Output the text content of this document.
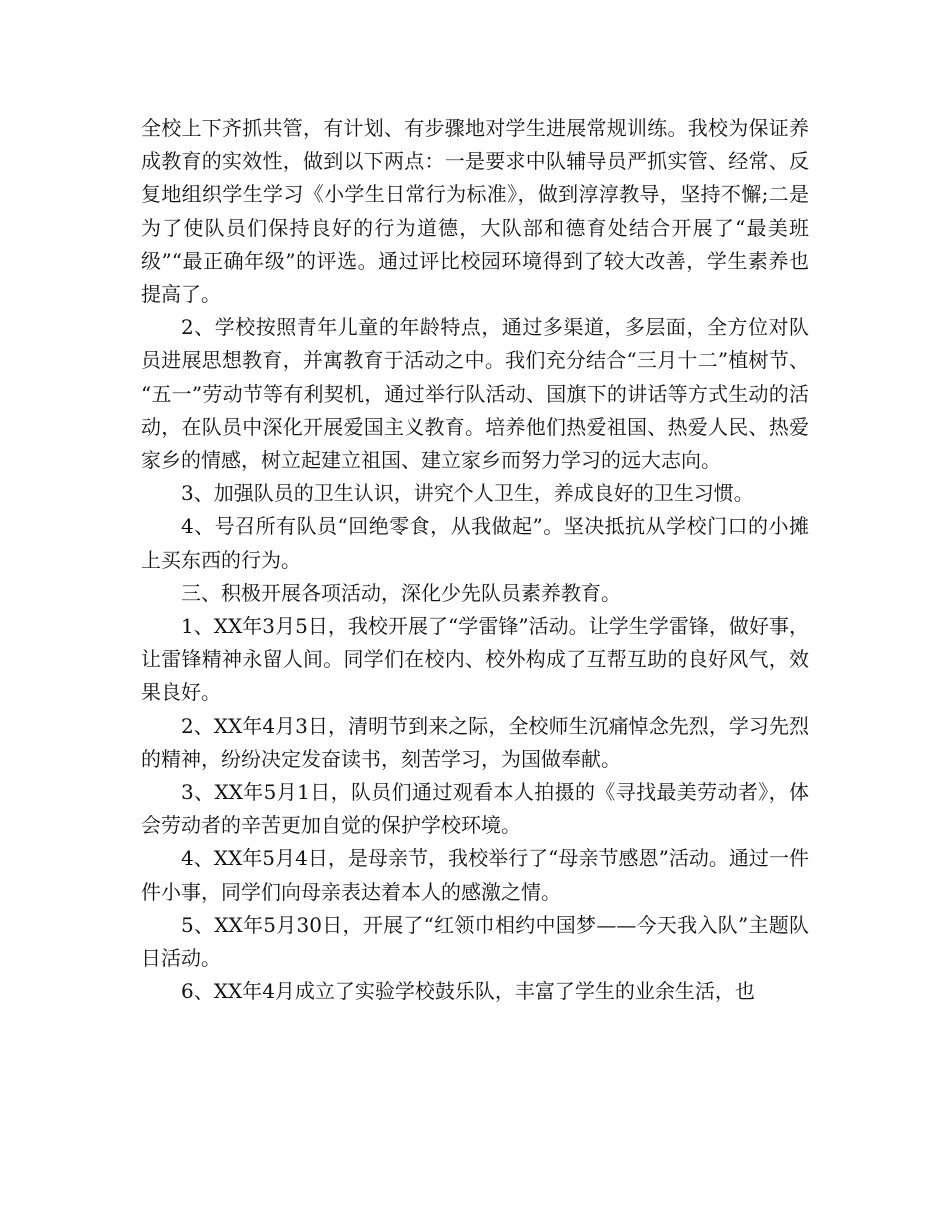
全校上下齐抓共管，有计划、有步骤地对学生进展常规训练。我校为保证养成教育的实效性，做到以下两点：一是要求中队辅导员严抓实管、经常、反复地组织学生学习《小学生日常行为标准》，做到淳淳教导，坚持不懈;二是为了使队员们保持良好的行为道德，大队部和德育处结合开展了“最美班级”“最正确年级”的评选。通过评比校园环境得到了较大改善，学生素养也提高了。

2、学校按照青年儿童的年龄特点，通过多渠道，多层面，全方位对队员进展思想教育，并寓教育于活动之中。我们充分结合“三月十二”植树节、 “五一”劳动节等有利契机，通过举行队活动、国旗下的讲话等方式生动的活动，在队员中深化开展爱国主义教育。培养他们热爱祖国、热爱人民、热爱家乡的情感，树立起建立祖国、建立家乡而努力学习的远大志向。

3、加强队员的卫生认识，讲究个人卫生，养成良好的卫生习惯。

4、号召所有队员“回绝零食，从我做起”。坚决抵抗从学校门口的小摊上买东西的行为。

三、积极开展各项活动，深化少先队员素养教育。

1、XX年3月5日，我校开展了“学雷锋”活动。让学生学雷锋，做好事，让雷锋精神永留人间。同学们在校内、校外构成了互帮互助的良好风气，效果良好。

2、XX年4月3日，清明节到来之际，全校师生沉痛悼念先烈，学习先烈的精神，纷纷决定发奋读书，刻苦学习，为国做奉献。

3、XX年5月1日，队员们通过观看本人拍摄的《寻找最美劳动者》，体会劳动者的辛苦更加自觉的保护学校环境。

4、XX年5月4日，是母亲节，我校举行了“母亲节感恩”活动。通过一件件小事，同学们向母亲表达着本人的感激之情。

5、XX年5月30日，开展了“红领巾相约中国梦——今天我入队”主题队日活动。

6、XX年4月成立了实验学校鼓乐队，丰富了学生的业余生活，也
